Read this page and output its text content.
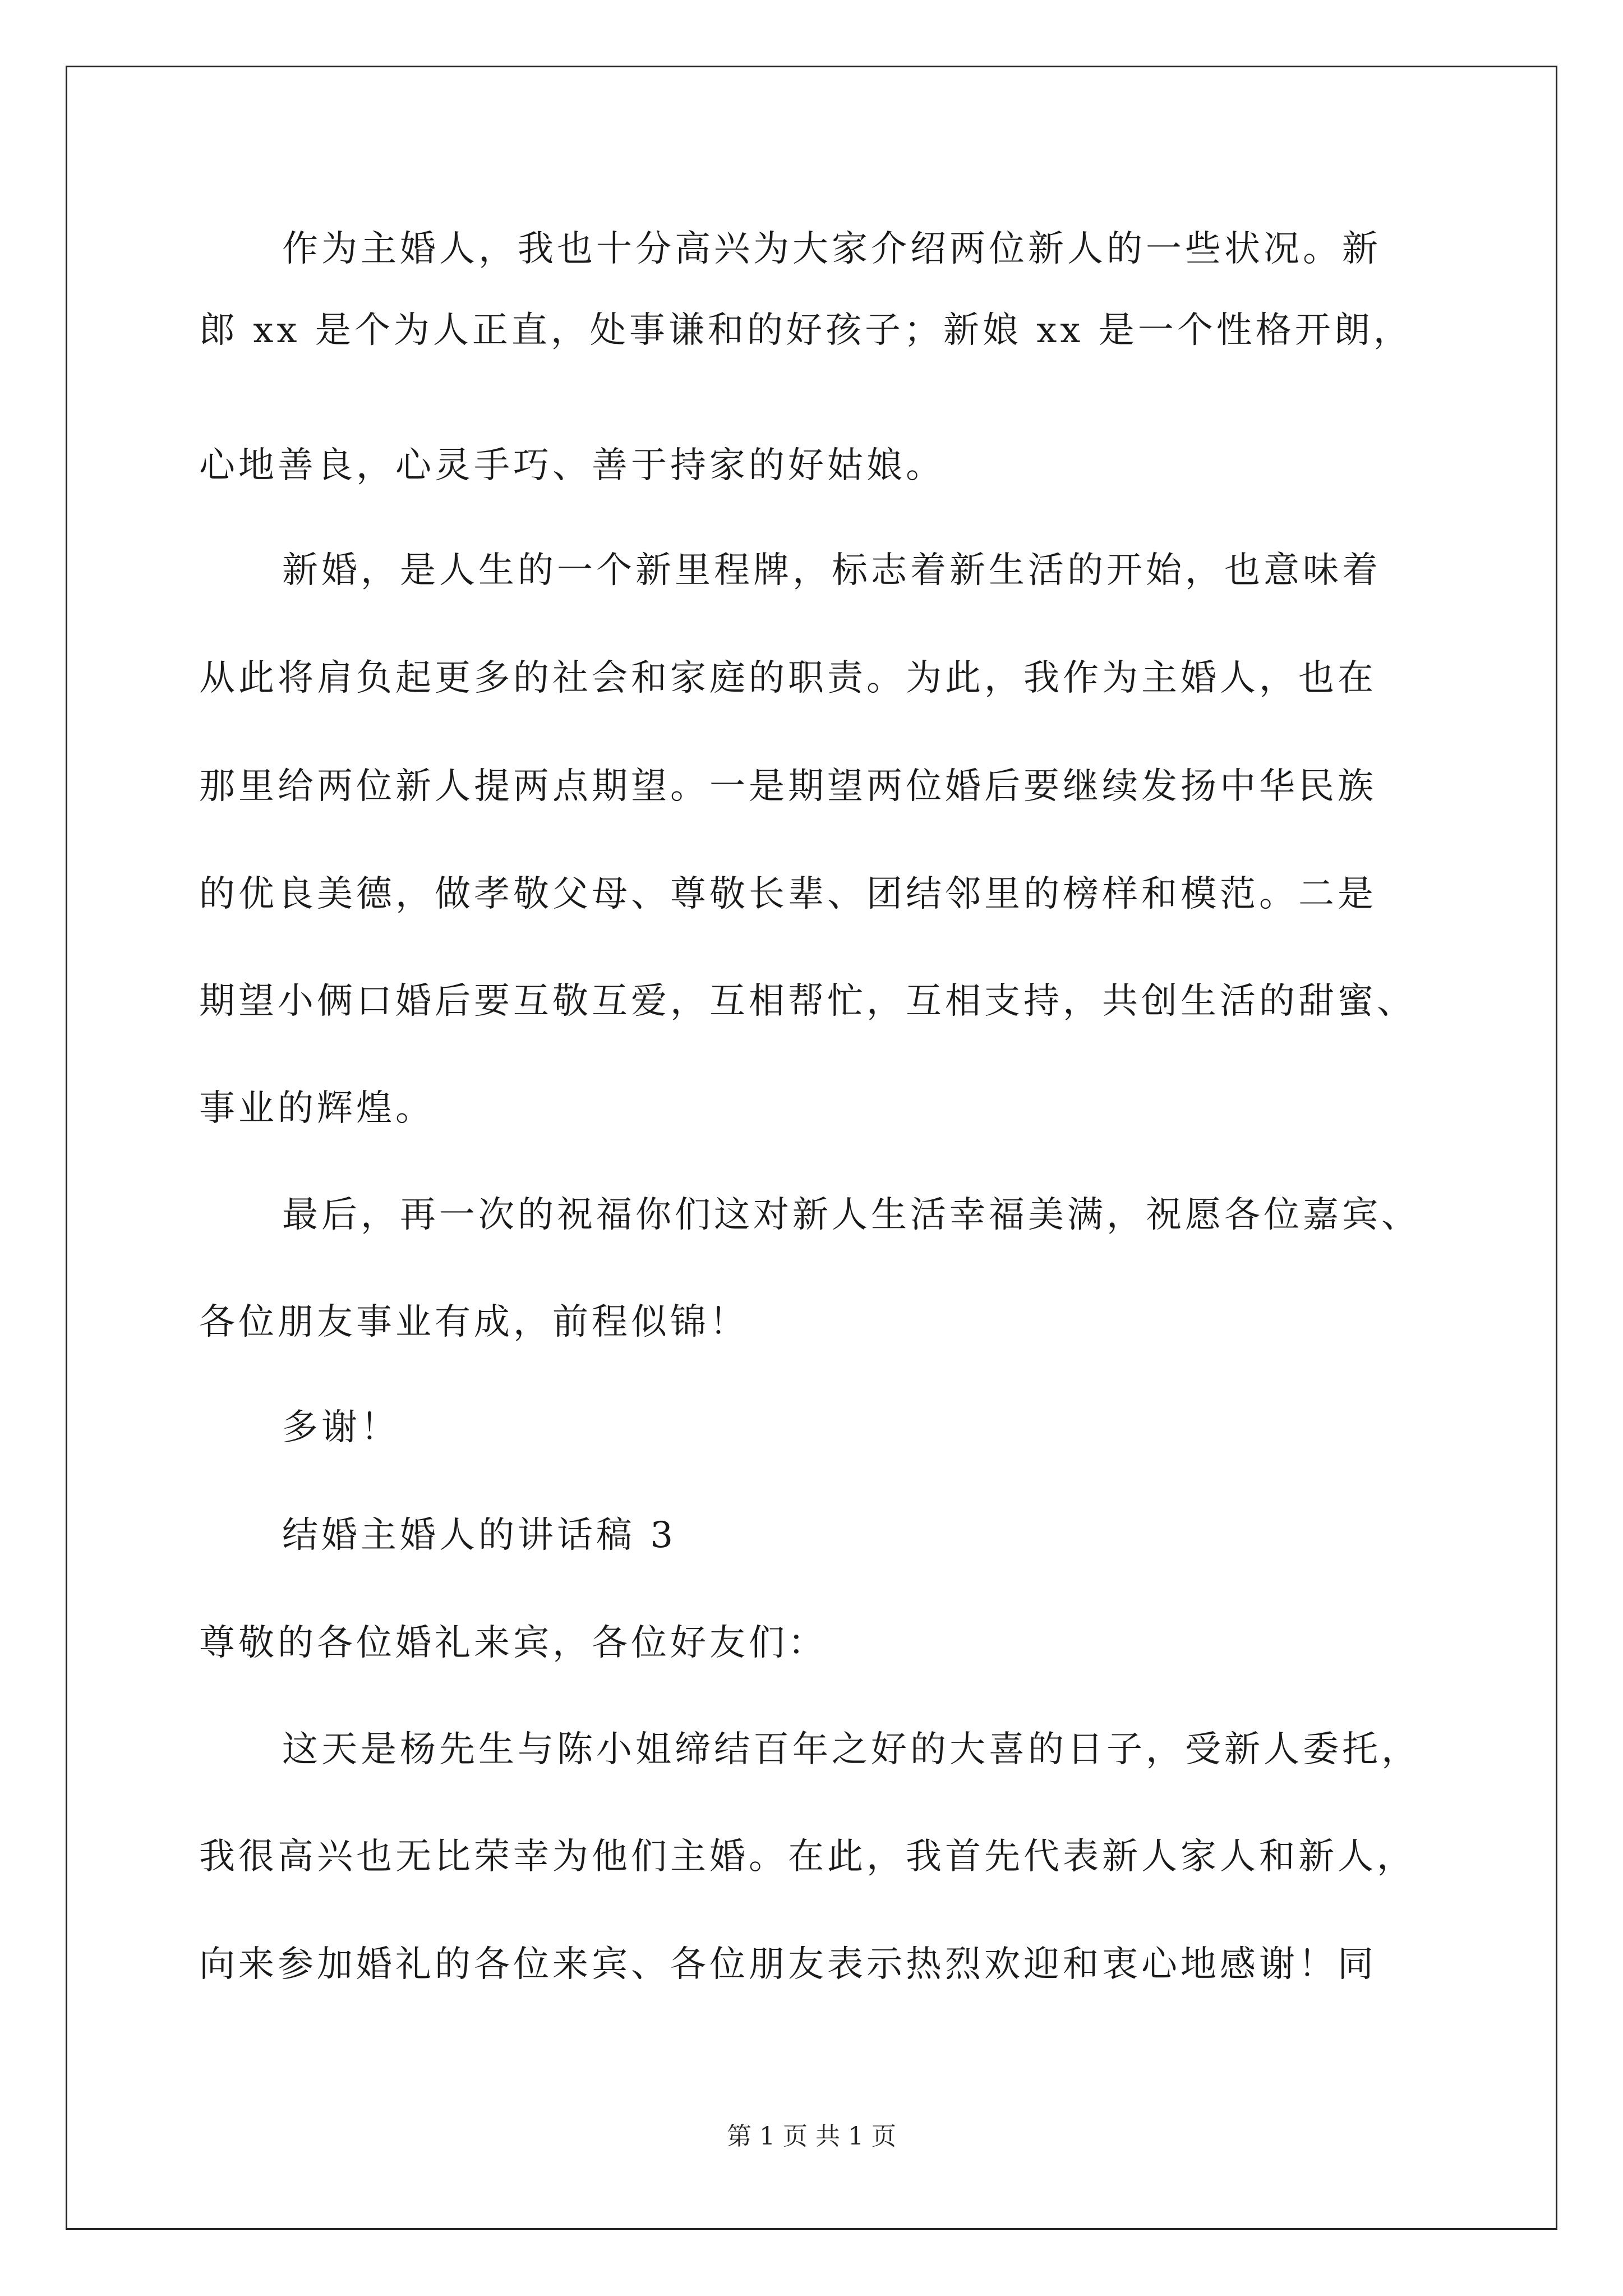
作为主婚人，我也十分高兴为大家介绍两位新人的一些状况。新
郎 xx 是个为人正直，处事谦和的好孩子；新娘 xx 是一个性格开朗，
心地善良，心灵手巧、善于持家的好姑娘。
新婚，是人生的一个新里程牌，标志着新生活的开始，也意味着
从此将肩负起更多的社会和家庭的职责。为此，我作为主婚人，也在
那里给两位新人提两点期望。一是期望两位婚后要继续发扬中华民族
的优良美德，做孝敬父母、尊敬长辈、团结邻里的榜样和模范。二是
期望小俩口婚后要互敬互爱，互相帮忙，互相支持，共创生活的甜蜜、
事业的辉煌。
最后，再一次的祝福你们这对新人生活幸福美满，祝愿各位嘉宾、
各位朋友事业有成，前程似锦！
多谢！
结婚主婚人的讲话稿 3
尊敬的各位婚礼来宾，各位好友们：
这天是杨先生与陈小姐缔结百年之好的大喜的日子，受新人委托，
我很高兴也无比荣幸为他们主婚。在此，我首先代表新人家人和新人，
向来参加婚礼的各位来宾、各位朋友表示热烈欢迎和衷心地感谢！同
第 1 页 共 1 页
